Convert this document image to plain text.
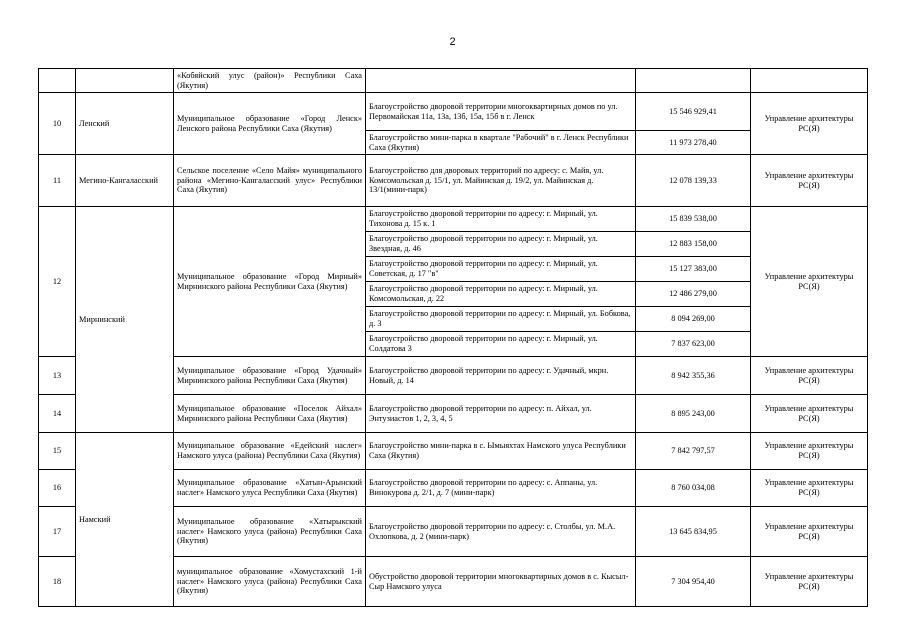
2
		«Кобяйский улус (район)» Республики Саха (Якутия)			
10	Ленский	Муниципальное образование «Город Ленск» Ленского района Республики Саха (Якутия)	Благоустройство дворовой территории многоквартирных домов по ул. Первомайская 11а, 13а, 13б, 15а, 15б в г. Ленск	15 546 929,41	Управление архитектуры РС(Я)
			Благоустройство мини-парка в квартале "Рабочий" в г. Ленск Республики Саха (Якутия)	11 973 278,40	
11	Мегино-Кангаласский	Сельское поселение «Село Майя» муниципального района «Мегино-Кангаласский улус» Республики Саха (Якутия)	Благоустройство для дворовых территорий по адресу: с. Майя, ул. Комсомольская д. 15/1, ул. Майинская д. 19/2, ул. Майинская д. 13/1(мини-парк)	12 078 139,33	Управление архитектуры РС(Я)
12	Мирнинский	Муниципальное образование «Город Мирный» Мирнинского района Республики Саха (Якутия)	Благоустройство дворовой территории по адресу: г. Мирный, ул. Тихонова д. 15 к. 1	15 839 538,00	Управление архитектуры РС(Я)
			Благоустройство дворовой территории по адресу: г. Мирный, ул. Звездная, д. 46	12 883 158,00	
			Благоустройство дворовой территории по адресу: г. Мирный, ул. Советская, д. 17 "в"	15 127 383,00	
			Благоустройство дворовой территории по адресу: г. Мирный, ул. Комсомольская, д. 22	12 486 279,00	
			Благоустройство дворовой территории по адресу: г. Мирный, ул. Бобкова, д. 3	8 094 269,00	
			Благоустройство дворовой территории по адресу: г. Мирный, ул. Солдатова 3	7 837 623,00	
13		Муниципальное образование «Город Удачный» Мирнинского района Республики Саха (Якутия)	Благоустройство дворовой территории по адресу: г. Удачный, мкрн. Новый, д. 14	8 942 355,36	Управление архитектуры РС(Я)
14		Муниципальное образование «Поселок Айхал» Мирнинского района Республики Саха (Якутия)	Благоустройство дворовой территории по адресу: п. Айхал, ул. Энтузиастов 1, 2, 3, 4, 5	8 895 243,00	Управление архитектуры РС(Я)
15	Намский	Муниципальное образование «Едейский наслег» Намского улуса (района) Республики Саха (Якутия)	Благоустройство мини-парка в с. Ымыяхтах Намского улуса Республики Саха (Якутия)	7 842 797,57	Управление архитектуры РС(Я)
16		Муниципальное образование «Хатын-Арынский наслег» Намского улуса Республики Саха (Якутия)	Благоустройство дворовой территории по адресу: с. Аппаны, ул. Винокурова д. 2/1, д. 7 (мини-парк)	8 760 034,08	Управление архитектуры РС(Я)
17		Муниципальное образование «Хатырыкский наслег» Намского улуса (района) Республики Саха (Якутия)	Благоустройство дворовой территории по адресу: с. Столбы, ул. М.А. Охлопкова, д. 2 (мини-парк)	13 645 834,95	Управление архитектуры РС(Я)
18		муниципальное образование «Хомустахский 1-й наслег» Намского улуса (района) Республики Саха (Якутия)	Обустройство дворовой территории многоквартирных домов в с. Кысыл-Сыр Намского улуса	7 304 954,40	Управление архитектуры РС(Я)
